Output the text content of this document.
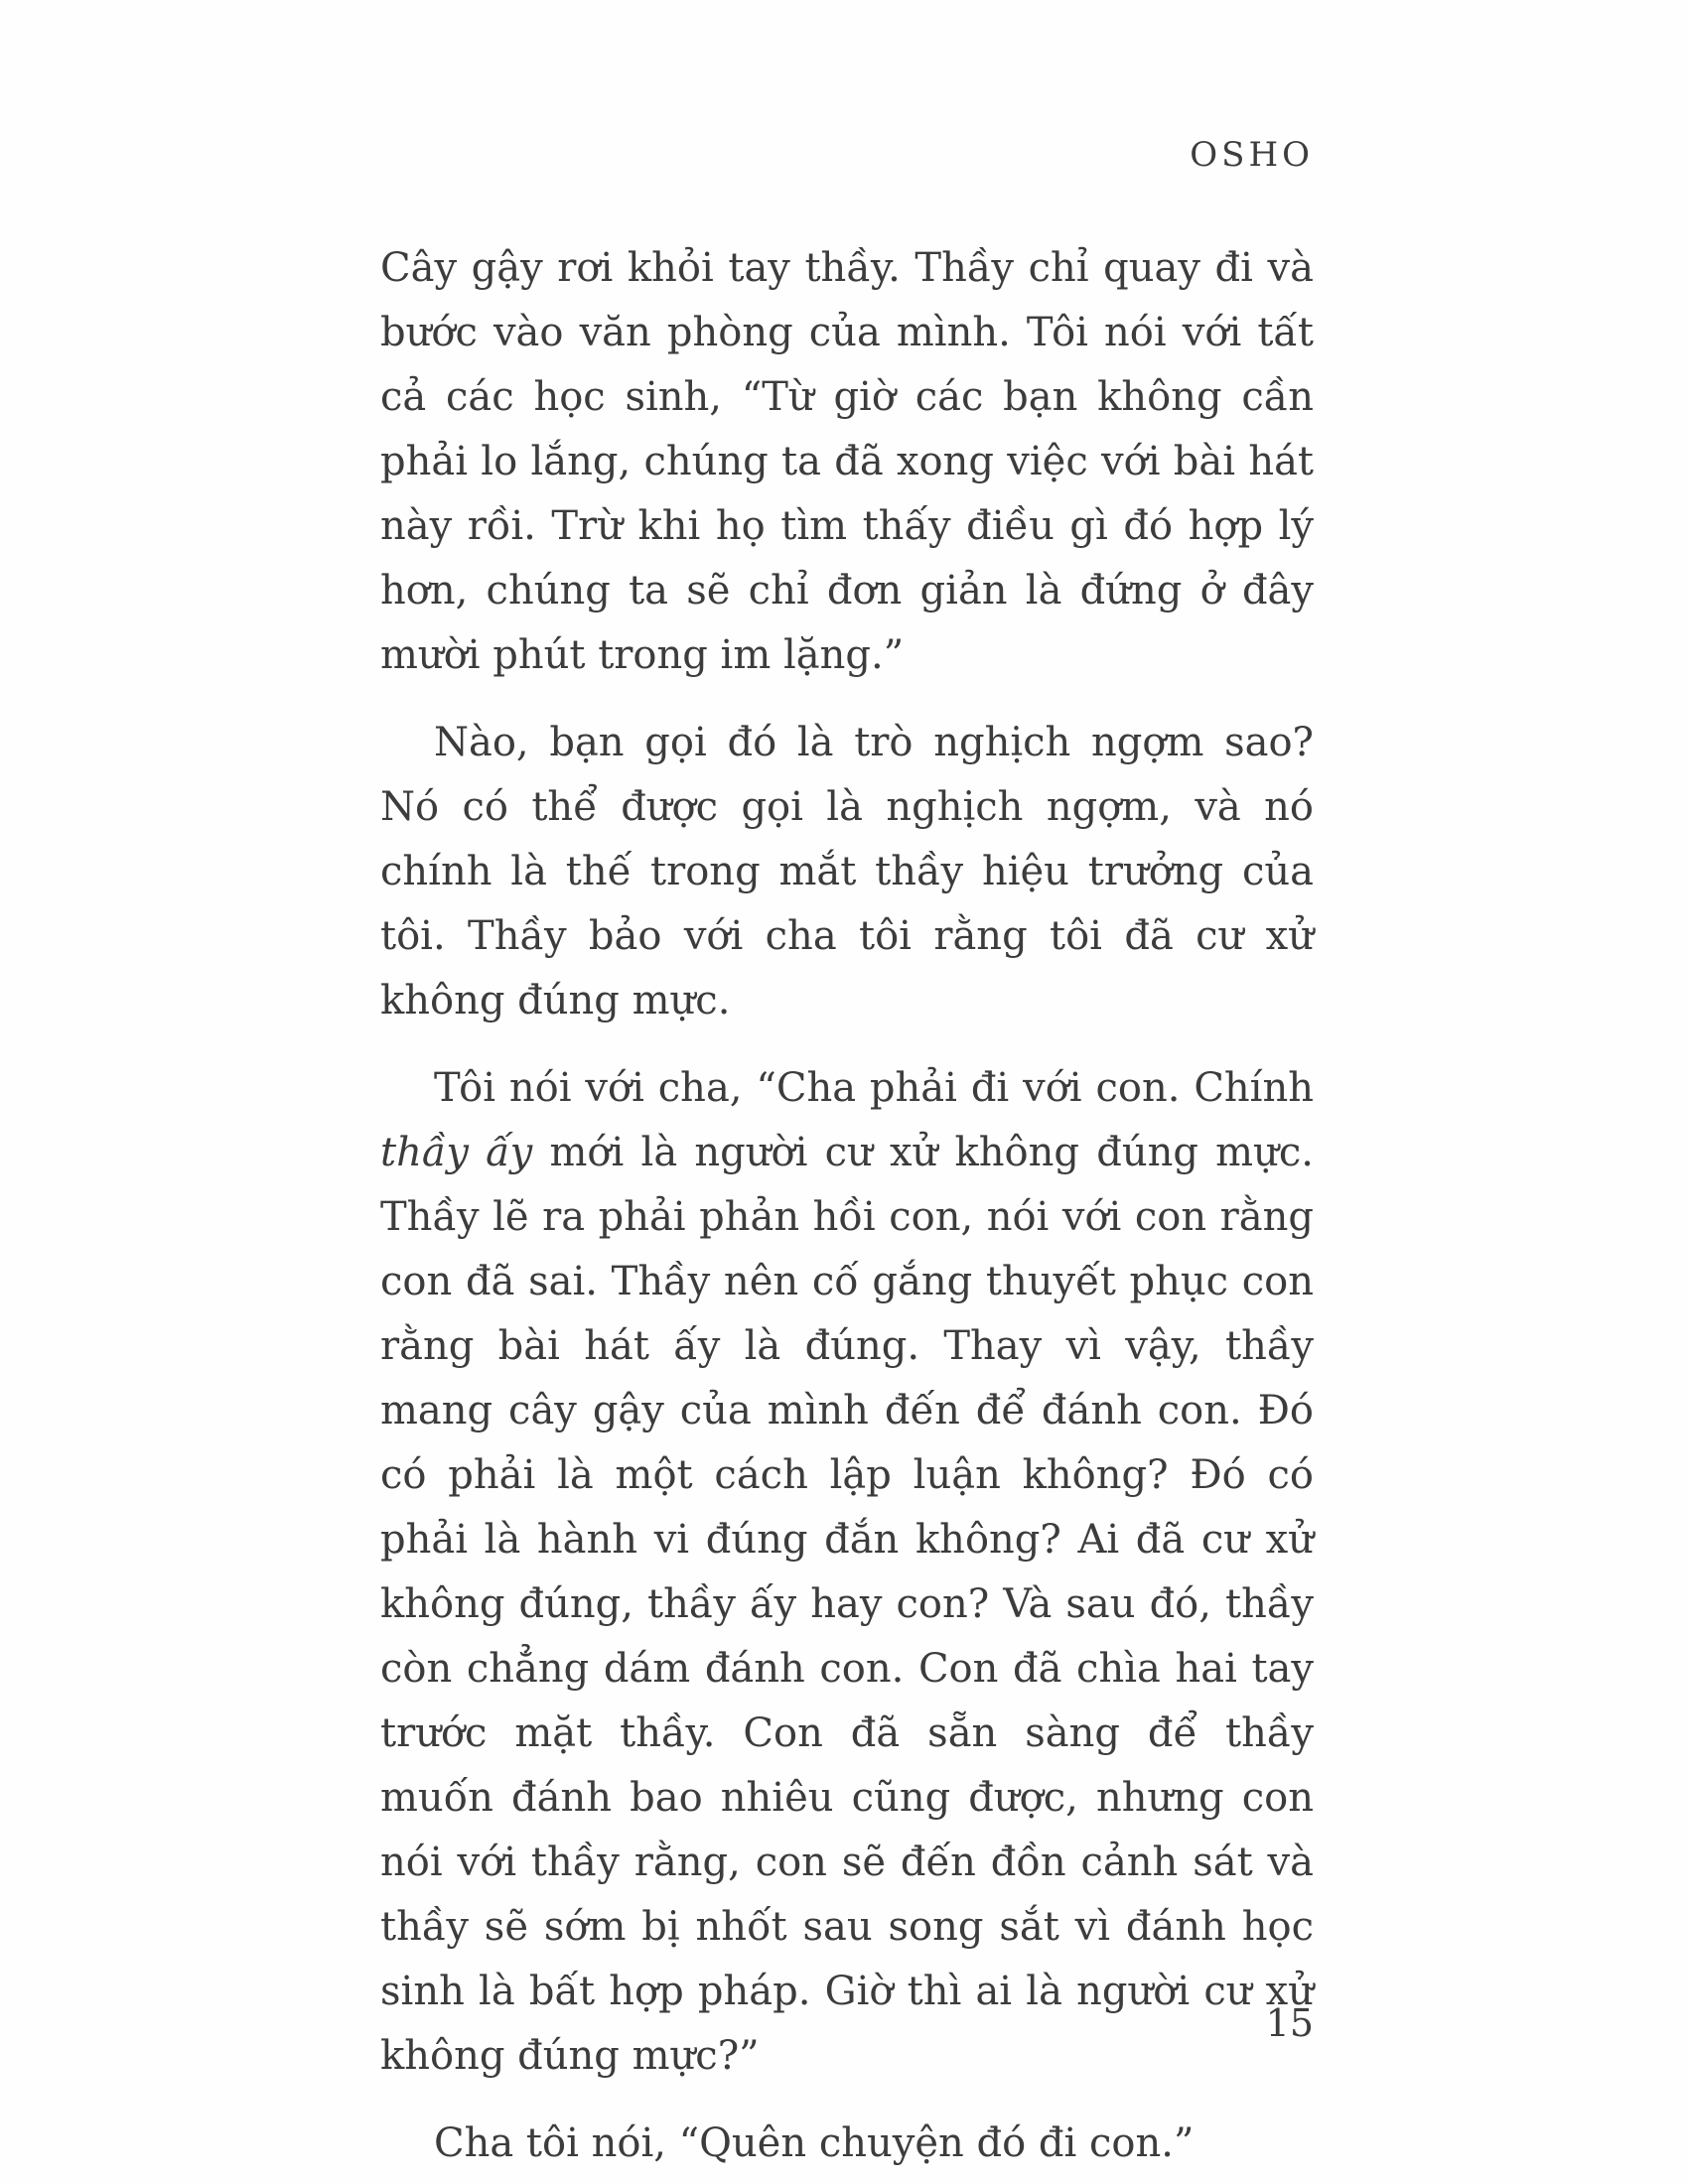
OSHO

Cây gậy rơi khỏi tay thầy. Thầy chỉ quay đi và bước vào văn phòng của mình. Tôi nói với tất cả các học sinh, “Từ giờ các bạn không cần phải lo lắng, chúng ta đã xong việc với bài hát này rồi. Trừ khi họ tìm thấy điều gì đó hợp lý hơn, chúng ta sẽ chỉ đơn giản là đứng ở đây mười phút trong im lặng.”

Nào, bạn gọi đó là trò nghịch ngợm sao? Nó có thể được gọi là nghịch ngợm, và nó chính là thế trong mắt thầy hiệu trưởng của tôi. Thầy bảo với cha tôi rằng tôi đã cư xử không đúng mực.

Tôi nói với cha, “Cha phải đi với con. Chính thầy ấy mới là người cư xử không đúng mực. Thầy lẽ ra phải phản hồi con, nói với con rằng con đã sai. Thầy nên cố gắng thuyết phục con rằng bài hát ấy là đúng. Thay vì vậy, thầy mang cây gậy của mình đến để đánh con. Đó có phải là một cách lập luận không? Đó có phải là hành vi đúng đắn không? Ai đã cư xử không đúng, thầy ấy hay con? Và sau đó, thầy còn chẳng dám đánh con. Con đã chìa hai tay trước mặt thầy. Con đã sẵn sàng để thầy muốn đánh bao nhiêu cũng được, nhưng con nói với thầy rằng, con sẽ đến đồn cảnh sát và thầy sẽ sớm bị nhốt sau song sắt vì đánh học sinh là bất hợp pháp. Giờ thì ai là người cư xử không đúng mực?”

Cha tôi nói, “Quên chuyện đó đi con.”

15
